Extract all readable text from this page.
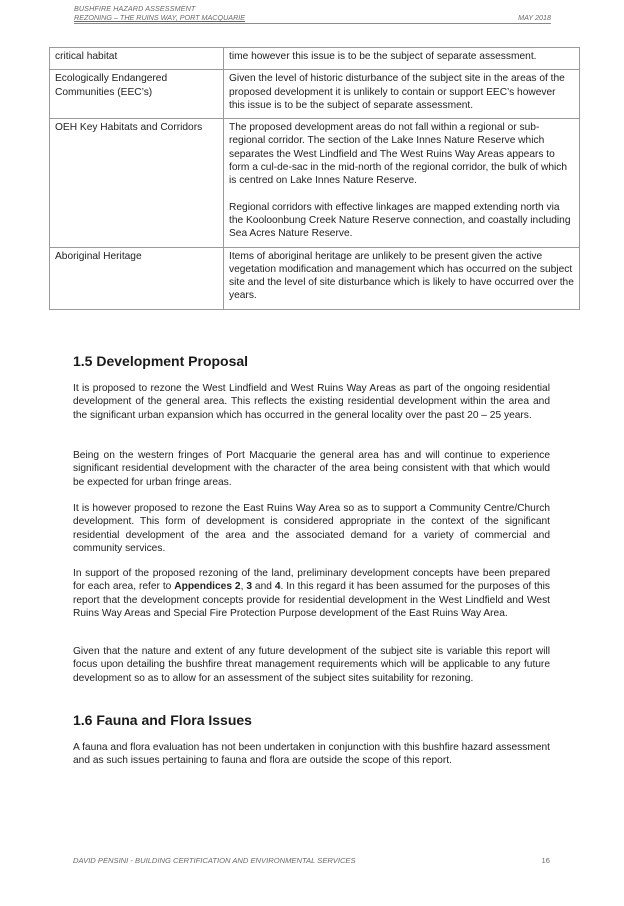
BUSHFIRE HAZARD ASSESSMENT
REZONING – THE RUINS WAY, PORT MACQUARIE	MAY 2018

critical habitat	time however this issue is to be the subject of separate assessment.

Ecologically Endangered Communities (EEC’s)	Given the level of historic disturbance of the subject site in the areas of the proposed development it is unlikely to contain or support EEC’s however this issue is to be the subject of separate assessment.

OEH Key Habitats and Corridors	The proposed development areas do not fall within a regional or sub-regional corridor. The section of the Lake Innes Nature Reserve which separates the West Lindfield and The West Ruins Way Areas appears to form a cul-de-sac in the mid-north of the regional corridor, the bulk of which is centred on Lake Innes Nature Reserve.

Regional corridors with effective linkages are mapped extending north via the Kooloonbung Creek Nature Reserve connection, and coastally including Sea Acres Nature Reserve.

Aboriginal Heritage	Items of aboriginal heritage are unlikely to be present given the active vegetation modification and management which has occurred on the subject site and the level of site disturbance which is likely to have occurred over the years.

1.5 Development Proposal

It is proposed to rezone the West Lindfield and West Ruins Way Areas as part of the ongoing residential development of the general area. This reflects the existing residential development within the area and the significant urban expansion which has occurred in the general locality over the past 20 – 25 years.

Being on the western fringes of Port Macquarie the general area has and will continue to experience significant residential development with the character of the area being consistent with that which would be expected for urban fringe areas.

It is however proposed to rezone the East Ruins Way Area so as to support a Community Centre/Church development. This form of development is considered appropriate in the context of the significant residential development of the area and the associated demand for a variety of commercial and community services.

In support of the proposed rezoning of the land, preliminary development concepts have been prepared for each area, refer to Appendices 2, 3 and 4. In this regard it has been assumed for the purposes of this report that the development concepts provide for residential development in the West Lindfield and West Ruins Way Areas and Special Fire Protection Purpose development of the East Ruins Way Area.

Given that the nature and extent of any future development of the subject site is variable this report will focus upon detailing the bushfire threat management requirements which will be applicable to any future development so as to allow for an assessment of the subject sites suitability for rezoning.

1.6 Fauna and Flora Issues

A fauna and flora evaluation has not been undertaken in conjunction with this bushfire hazard assessment and as such issues pertaining to fauna and flora are outside the scope of this report.

DAVID PENSINI - BUILDING CERTIFICATION AND ENVIRONMENTAL SERVICES	16
